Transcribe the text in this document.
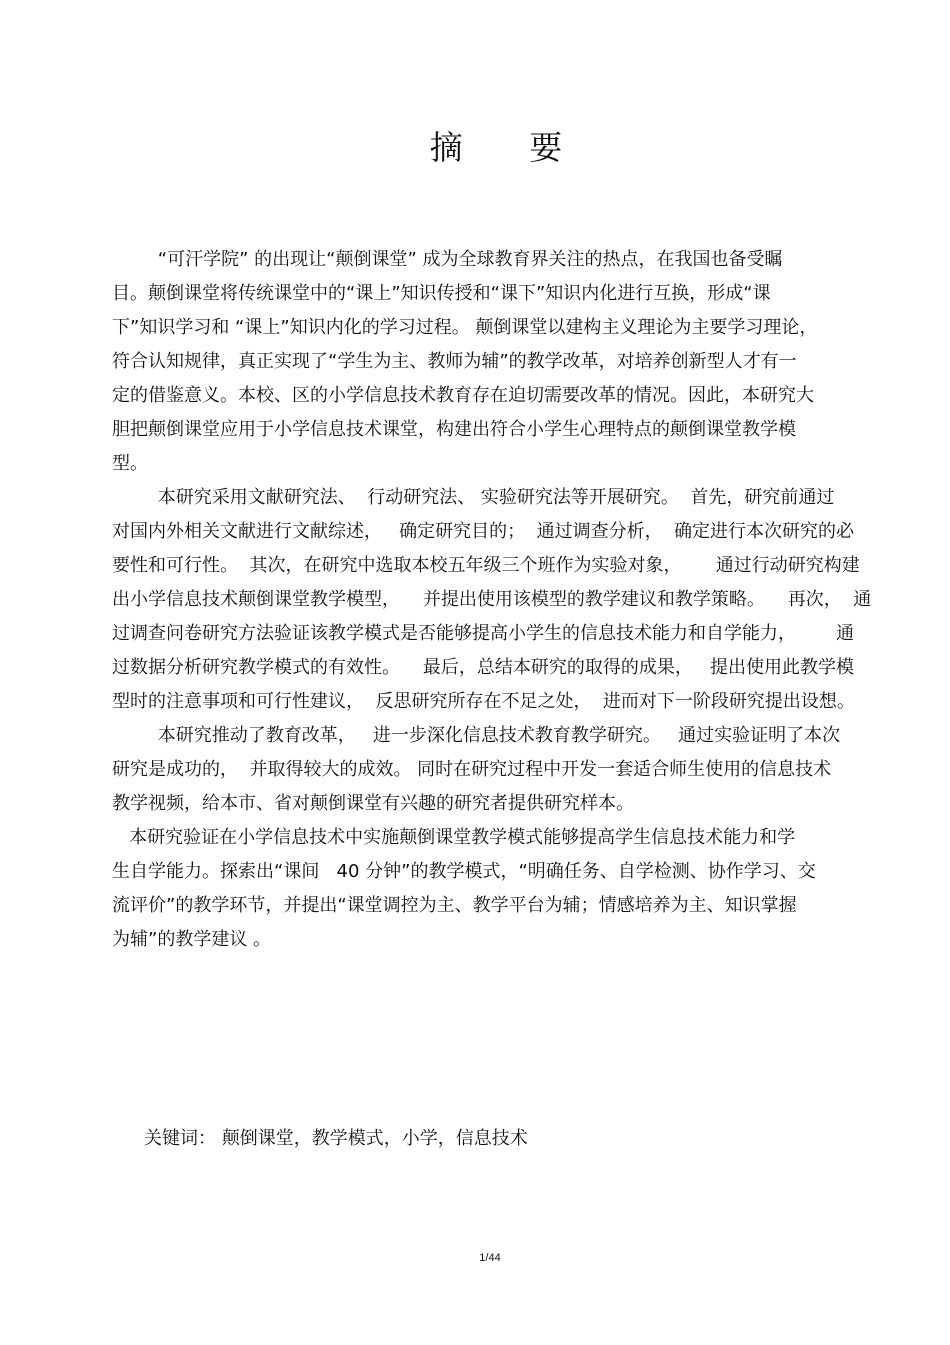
摘 要
“可汗学院” 的出现让“颠倒课堂” 成为全球教育界关注的热点，在我国也备受瞩
目。颠倒课堂将传统课堂中的“课上”知识传授和“课下”知识内化进行互换，形成“课
下”知识学习和 “课上”知识内化的学习过程。 颠倒课堂以建构主义理论为主要学习理论，
符合认知规律，真正实现了“学生为主、教师为辅”的教学改革，对培养创新型人才有一
定的借鉴意义。本校、区的小学信息技术教育存在迫切需要改革的情况。因此，本研究大
胆把颠倒课堂应用于小学信息技术课堂，构建出符合小学生心理特点的颠倒课堂教学模
型。
本研究采用文献研究法、  行动研究法、 实验研究法等开展研究。  首先，研究前通过
对国内外相关文献进行文献综述，   确定研究目的；  通过调查分析，  确定进行本次研究的必
要性和可行性。  其次，在研究中选取本校五年级三个班作为实验对象，      通过行动研究构建
出小学信息技术颠倒课堂教学模型，    并提出使用该模型的教学建议和教学策略。    再次，  通
过调查问卷研究方法验证该教学模式是否能够提高小学生的信息技术能力和自学能力，       通
过数据分析研究教学模式的有效性。    最后，总结本研究的取得的成果，   提出使用此教学模
型时的注意事项和可行性建议，  反思研究所存在不足之处，  进而对下一阶段研究提出设想。
本研究推动了教育改革，   进一步深化信息技术教育教学研究。   通过实验证明了本次
研究是成功的，  并取得较大的成效。 同时在研究过程中开发一套适合师生使用的信息技术
教学视频，给本市、省对颠倒课堂有兴趣的研究者提供研究样本。
本研究验证在小学信息技术中实施颠倒课堂教学模式能够提高学生信息技术能力和学
生自学能力。探索出“课间   40 分钟”的教学模式，“明确任务、自学检测、协作学习、交
流评价”的教学环节，并提出“课堂调控为主、教学平台为辅；情感培养为主、知识掌握
为辅”的教学建议 。
关键词： 颠倒课堂，教学模式，小学，信息技术
1/44
